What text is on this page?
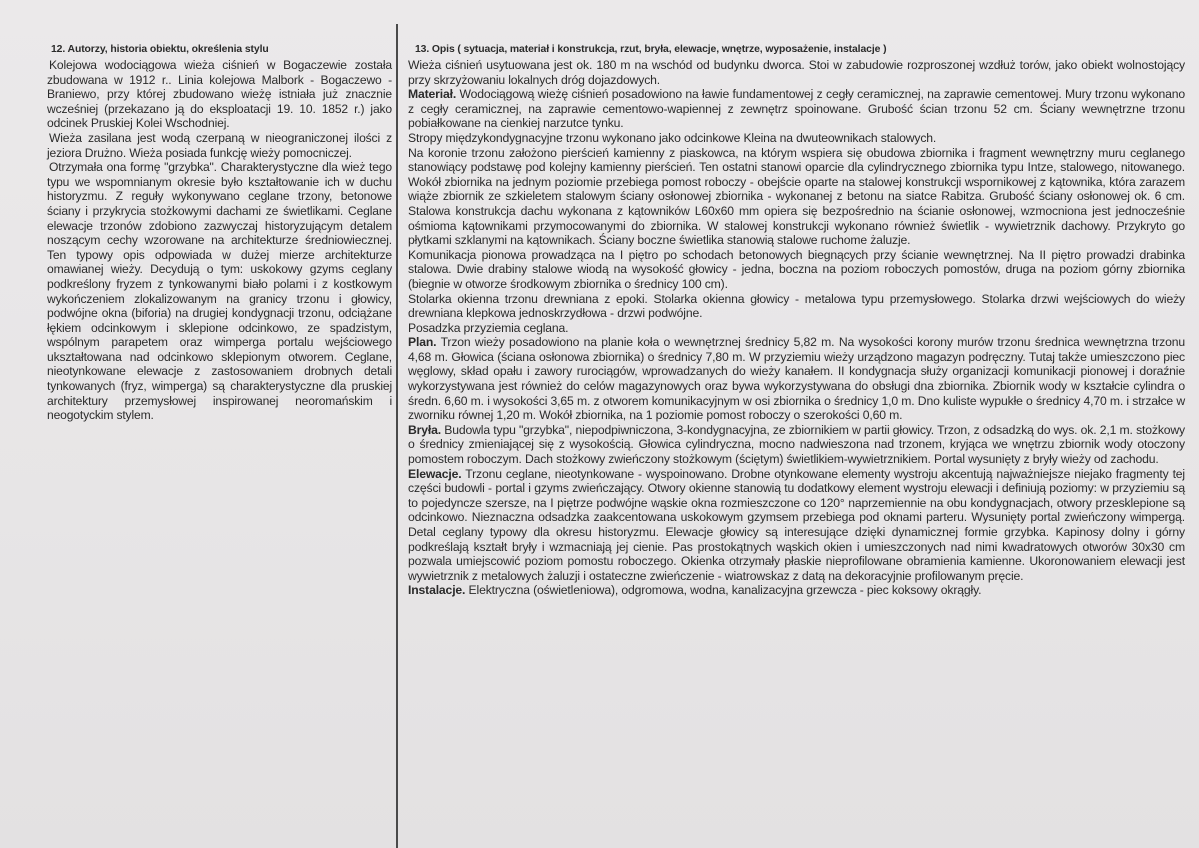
12. Autorzy, historia obiektu, określenia stylu

Kolejowa wodociągowa wieża ciśnień w Bogaczewie została zbudowana w 1912 r.. Linia kolejowa Malbork - Bogaczewo - Braniewo, przy której zbudowano wieżę istniała już znacznie wcześniej (przekazano ją do eksploatacji 19. 10. 1852 r.) jako odcinek Pruskiej Kolei Wschodniej.

Wieża zasilana jest wodą czerpaną w nieograniczonej ilości z jeziora Drużno. Wieża posiada funkcję wieży pomocniczej.

Otrzymała ona formę "grzybka". Charakterystyczne dla wież tego typu we wspomnianym okresie było kształtowanie ich w duchu historyzmu. Z reguły wykonywano ceglane trzony, betonowe ściany i przykrycia stożkowymi dachami ze świetlikami. Ceglane elewacje trzonów zdobiono zazwyczaj historyzującym detalem noszącym cechy wzorowane na architekturze średniowiecznej. Ten typowy opis odpowiada w dużej mierze architekturze omawianej wieży. Decydują o tym: uskokowy gzyms ceglany podkreślony fryzem z tynkowanymi biało polami i z kostkowym wykończeniem zlokalizowanym na granicy trzonu i głowicy, podwójne okna (biforia) na drugiej kondygnacji trzonu, odciążane łękiem odcinkowym i sklepione odcinkowo, ze spadzistym, wspólnym parapetem oraz wimperga portalu wejściowego ukształtowana nad odcinkowo sklepionym otworem. Ceglane, nieotynkowane elewacje z zastosowaniem drobnych detali tynkowanych (fryz, wimperga) są charakterystyczne dla pruskiej architektury przemysłowej inspirowanej neoromańskim i neogotyckim stylem.

13. Opis ( sytuacja, materiał i konstrukcja, rzut, bryła, elewacje, wnętrze, wyposażenie, instalacje )

Wieża ciśnień usytuowana jest ok. 180 m na wschód od budynku dworca. Stoi w zabudowie rozproszonej wzdłuż torów, jako obiekt wolnostojący przy skrzyżowaniu lokalnych dróg dojazdowych.

Materiał. Wodociągową wieżę ciśnień posadowiono na ławie fundamentowej z cegły ceramicznej, na zaprawie cementowej. Mury trzonu wykonano z cegły ceramicznej, na zaprawie cementowo-wapiennej z zewnętrz spoinowane. Grubość ścian trzonu 52 cm. Ściany wewnętrzne trzonu pobiałkowane na cienkiej narzutce tynku.

Stropy międzykondygnacyjne trzonu wykonano jako odcinkowe Kleina na dwuteownikach stalowych.

Na koronie trzonu założono pierścień kamienny z piaskowca, na którym wspiera się obudowa zbiornika i fragment wewnętrzny muru ceglanego stanowiący podstawę pod kolejny kamienny pierścień. Ten ostatni stanowi oparcie dla cylindrycznego zbiornika typu Intze, stalowego, nitowanego. Wokół zbiornika na jednym poziomie przebiega pomost roboczy - obejście oparte na stalowej konstrukcji wspornikowej z kątownika, która zarazem wiąże zbiornik ze szkieletem stalowym ściany osłonowej zbiornika - wykonanej z betonu na siatce Rabitza. Grubość ściany osłonowej ok. 6 cm. Stalowa konstrukcja dachu wykonana z kątowników L60x60 mm opiera się bezpośrednio na ścianie osłonowej, wzmocniona jest jednocześnie ośmioma kątownikami przymocowanymi do zbiornika. W stalowej konstrukcji wykonano również świetlik - wywietrznik dachowy. Przykryto go płytkami szklanymi na kątownikach. Ściany boczne świetlika stanowią stalowe ruchome żaluzje.

Komunikacja pionowa prowadząca na I piętro po schodach betonowych biegnących przy ścianie wewnętrznej. Na II piętro prowadzi drabinka stalowa. Dwie drabiny stalowe wiodą na wysokość głowicy - jedna, boczna na poziom roboczych pomostów, druga na poziom górny zbiornika (biegnie w otworze środkowym zbiornika o średnicy 100 cm).

Stolarka okienna trzonu drewniana z epoki. Stolarka okienna głowicy - metalowa typu przemysłowego. Stolarka drzwi wejściowych do wieży drewniana klepkowa jednoskrzydłowa - drzwi podwójne.

Posadzka przyziemia ceglana.

Plan. Trzon wieży posadowiono na planie koła o wewnętrznej średnicy 5,82 m. Na wysokości korony murów trzonu średnica wewnętrzna trzonu 4,68 m. Głowica (ściana osłonowa zbiornika) o średnicy 7,80 m. W przyziemiu wieży urządzono magazyn podręczny. Tutaj także umieszczono piec węglowy, skład opału i zawory rurociągów, wprowadzanych do wieży kanałem. II kondygnacja służy organizacji komunikacji pionowej i doraźnie wykorzystywana jest również do celów magazynowych oraz bywa wykorzystywana do obsługi dna zbiornika. Zbiornik wody w kształcie cylindra o średn. 6,60 m. i wysokości 3,65 m. z otworem komunikacyjnym w osi zbiornika o średnicy 1,0 m. Dno kuliste wypukłe o średnicy 4,70 m. i strzałce w zworniku równej 1,20 m. Wokół zbiornika, na 1 poziomie pomost roboczy o szerokości 0,60 m.

Bryła. Budowla typu "grzybka", niepodpiwniczona, 3-kondygnacyjna, ze zbiornikiem w partii głowicy. Trzon, z odsadzką do wys. ok. 2,1 m. stożkowy o średnicy zmieniającej się z wysokością. Głowica cylindryczna, mocno nadwieszona nad trzonem, kryjąca we wnętrzu zbiornik wody otoczony pomostem roboczym. Dach stożkowy zwieńczony stożkowym (ściętym) świetlikiem-wywietrznikiem. Portal wysunięty z bryły wieży od zachodu.

Elewacje. Trzonu ceglane, nieotynkowane - wyspoinowano. Drobne otynkowane elementy wystroju akcentują najważniejsze niejako fragmenty tej części budowli - portal i gzyms zwieńczający. Otwory okienne stanowią tu dodatkowy element wystroju elewacji i definiują poziomy: w przyziemiu są to pojedyncze szersze, na I piętrze podwójne wąskie okna rozmieszczone co 120° naprzemiennie na obu kondygnacjach, otwory przesklepione są odcinkowo. Nieznaczna odsadzka zaakcentowana uskokowym gzymsem przebiega pod oknami parteru. Wysunięty portal zwieńczony wimpergą. Detal ceglany typowy dla okresu historyzmu. Elewacje głowicy są interesujące dzięki dynamicznej formie grzybka. Kapinosy dolny i górny podkreślają kształt bryły i wzmacniają jej cienie. Pas prostokątnych wąskich okien i umieszczonych nad nimi kwadratowych otworów 30x30 cm pozwala umiejscowić poziom pomostu roboczego. Okienka otrzymały płaskie nieprofilowane obramienia kamienne. Ukoronowaniem elewacji jest wywietrznik z metalowych żaluzji i ostateczne zwieńczenie - wiatrowskaz z datą na dekoracyjnie profilowanym pręcie.

Instalacje. Elektryczna (oświetleniowa), odgromowa, wodna, kanalizacyjna grzewcza - piec koksowy okrągły.
